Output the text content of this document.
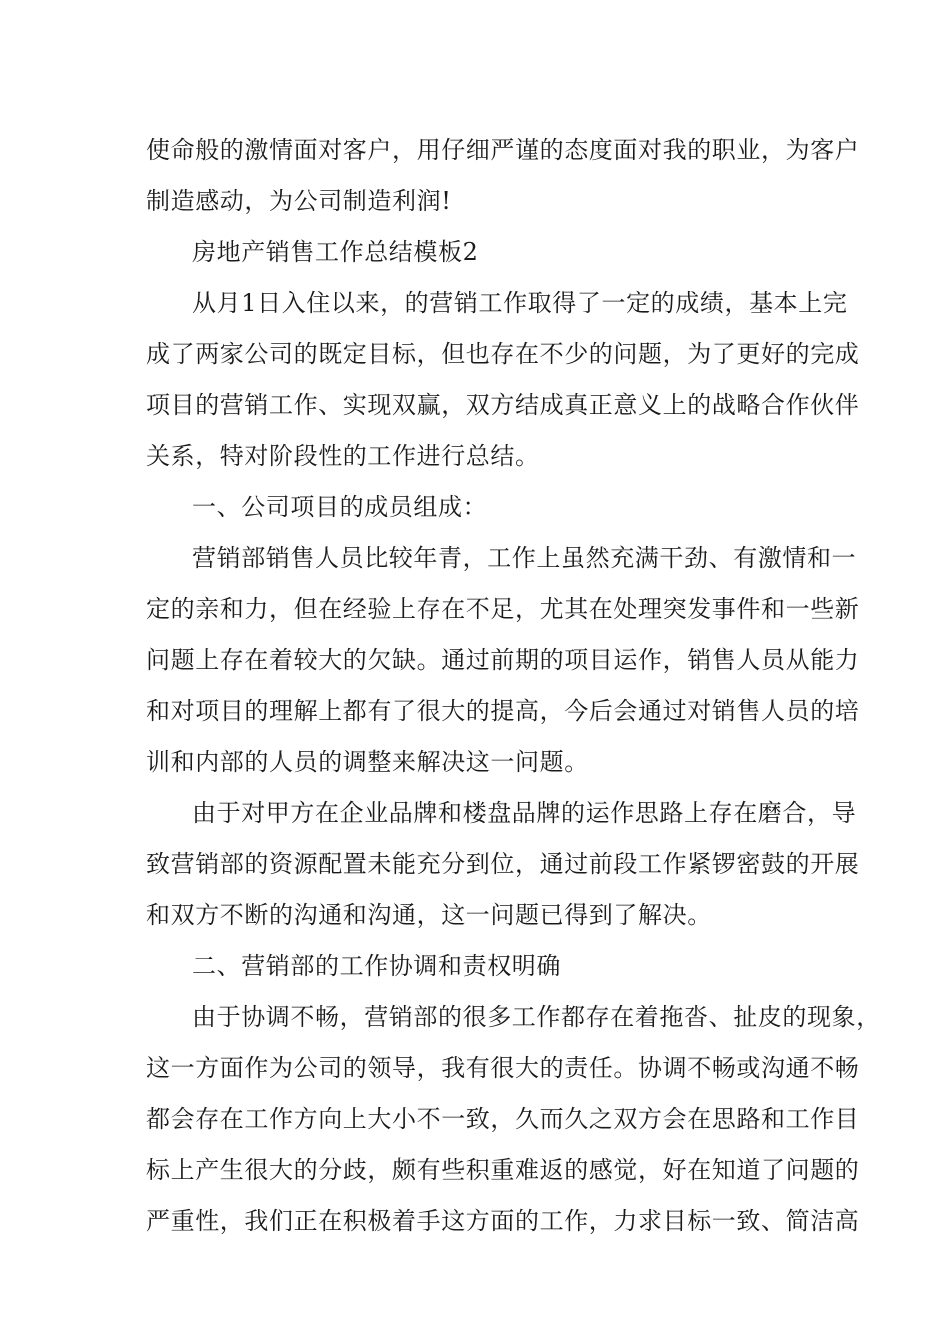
使命般的激情面对客户，用仔细严谨的态度面对我的职业，为客户
制造感动，为公司制造利润!
房地产销售工作总结模板2
从月1日入住以来，的营销工作取得了一定的成绩，基本上完
成了两家公司的既定目标，但也存在不少的问题，为了更好的完成
项目的营销工作、实现双赢，双方结成真正意义上的战略合作伙伴
关系，特对阶段性的工作进行总结。
一、公司项目的成员组成：
营销部销售人员比较年青，工作上虽然充满干劲、有激情和一
定的亲和力，但在经验上存在不足，尤其在处理突发事件和一些新
问题上存在着较大的欠缺。通过前期的项目运作，销售人员从能力
和对项目的理解上都有了很大的提高，今后会通过对销售人员的培
训和内部的人员的调整来解决这一问题。
由于对甲方在企业品牌和楼盘品牌的运作思路上存在磨合，导
致营销部的资源配置未能充分到位，通过前段工作紧锣密鼓的开展
和双方不断的沟通和沟通，这一问题已得到了解决。
二、营销部的工作协调和责权明确
由于协调不畅，营销部的很多工作都存在着拖沓、扯皮的现象，
这一方面作为公司的领导，我有很大的责任。协调不畅或沟通不畅
都会存在工作方向上大小不一致，久而久之双方会在思路和工作目
标上产生很大的分歧，颇有些积重难返的感觉，好在知道了问题的
严重性，我们正在积极着手这方面的工作，力求目标一致、简洁高
